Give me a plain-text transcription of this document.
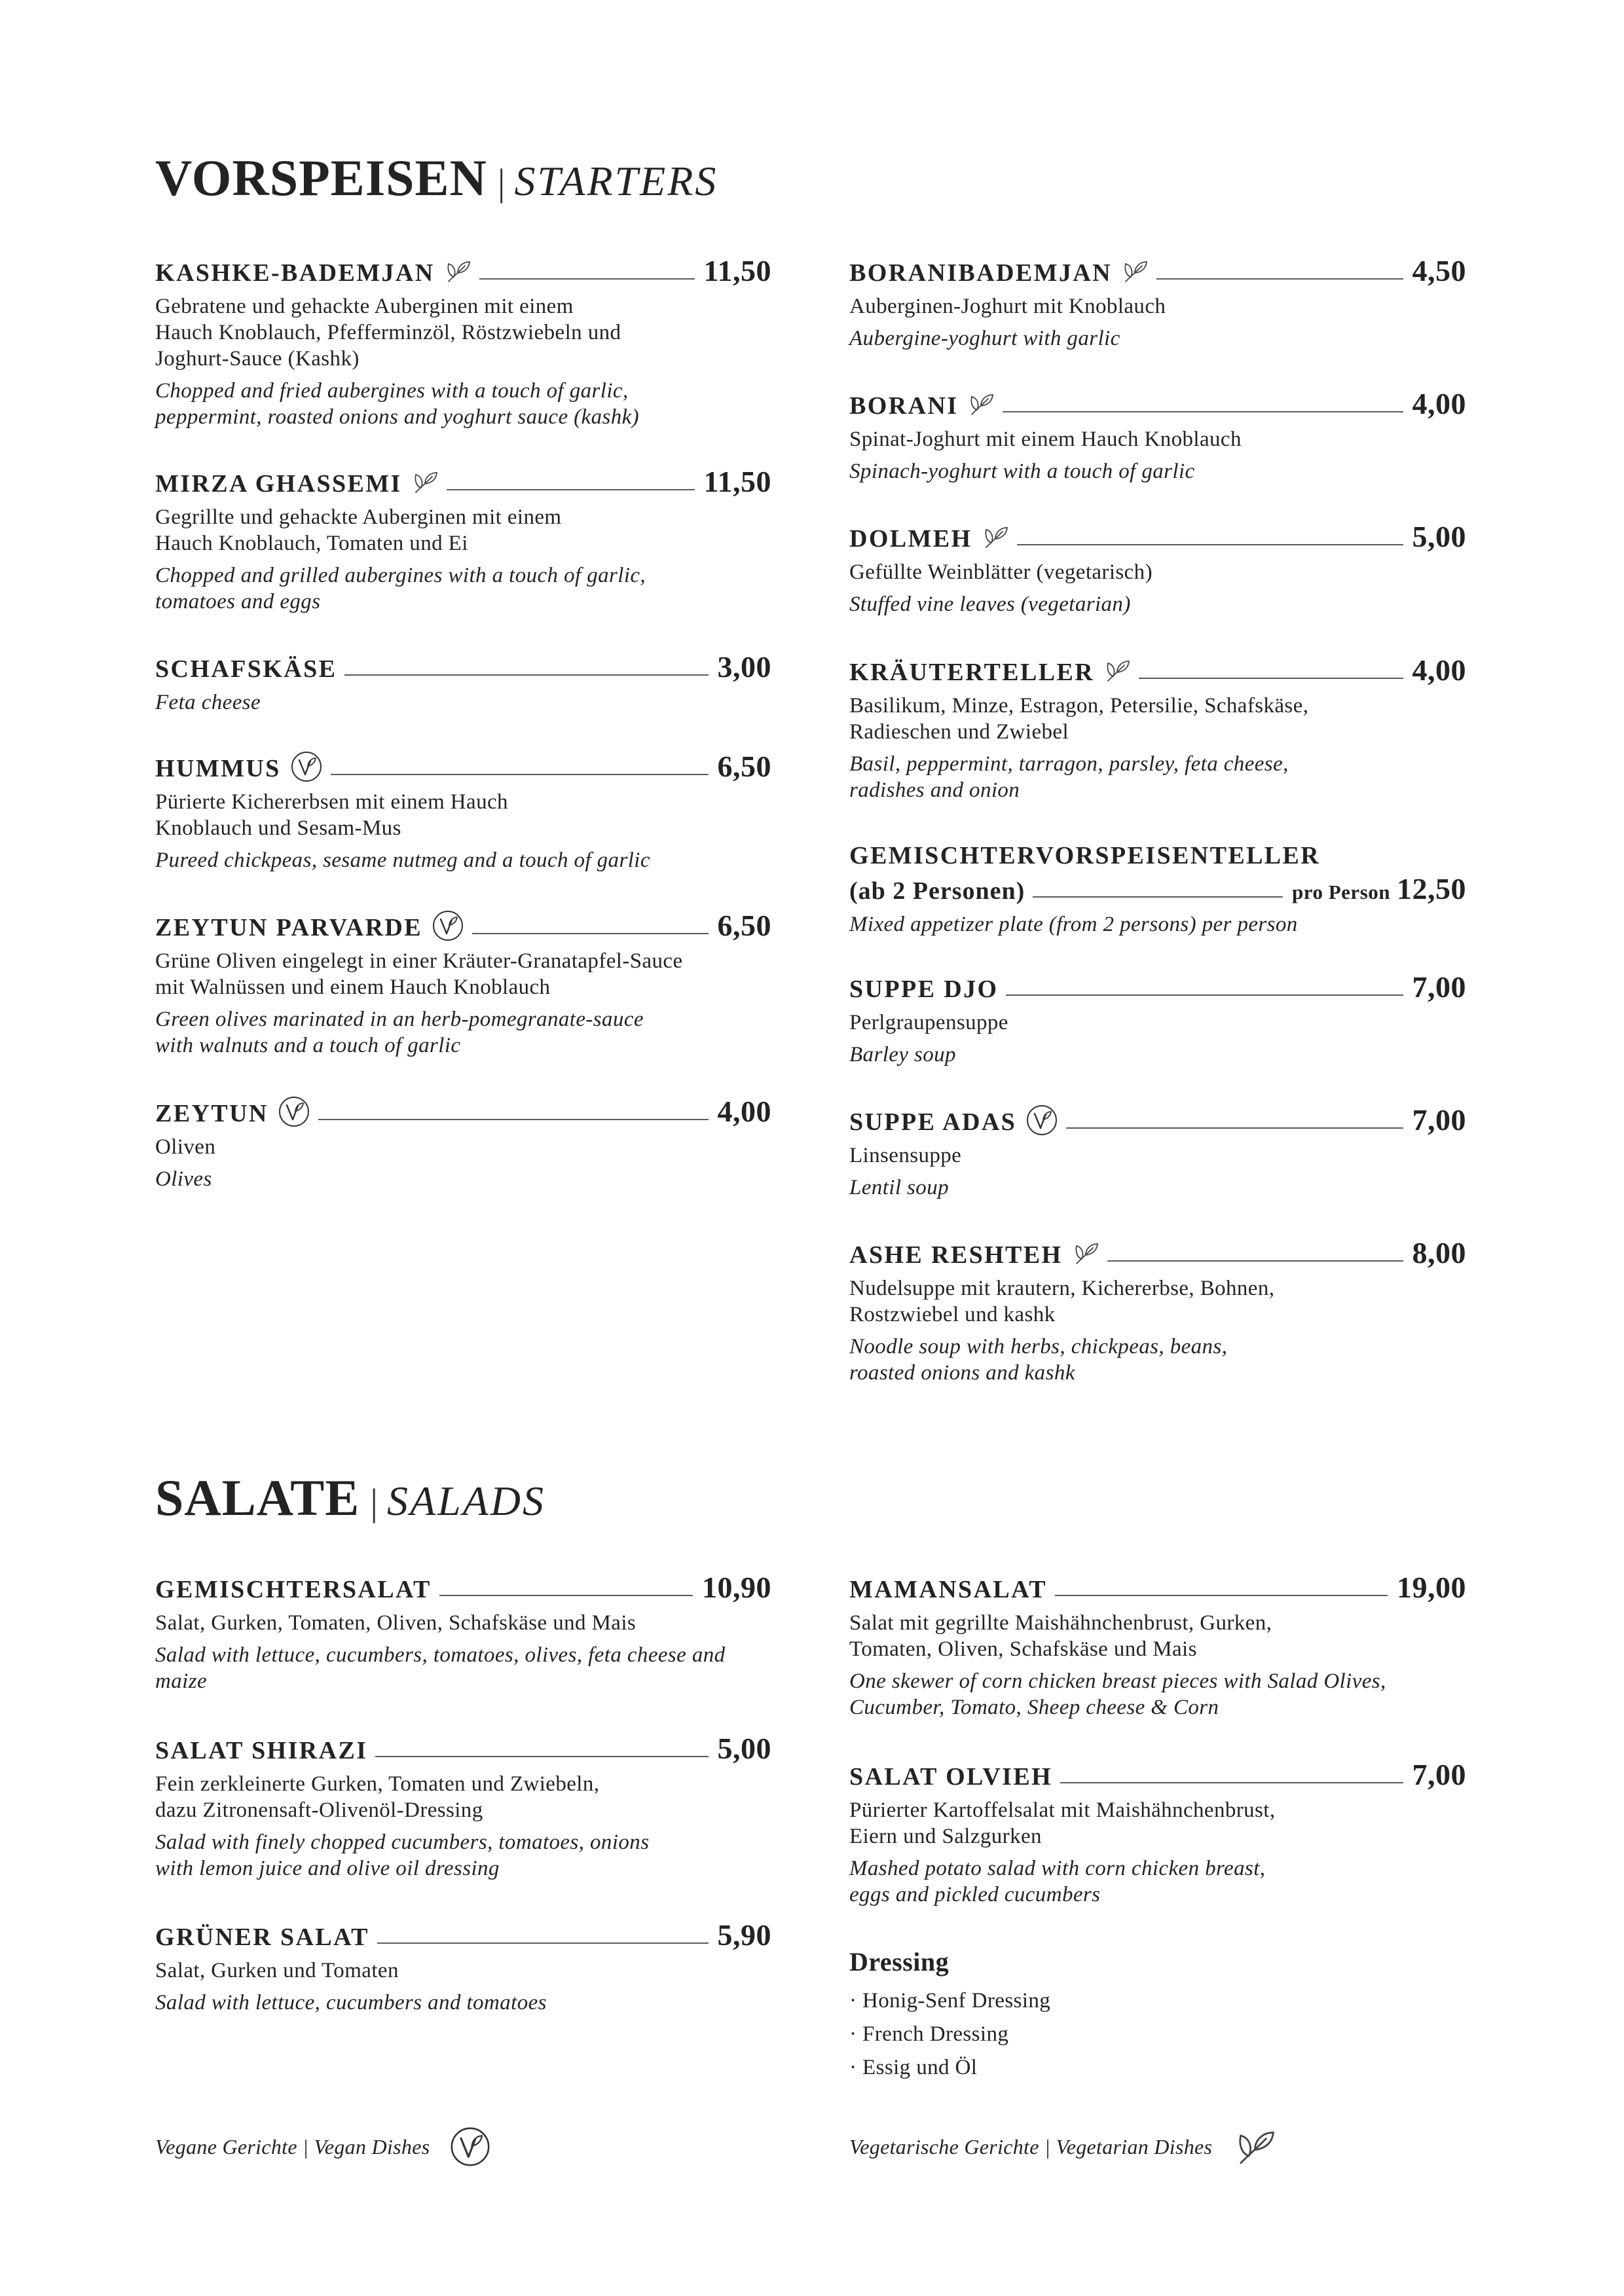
VORSPEISEN | STARTERS
SALATE | SALADS
KASHKE-BADEMJAN	11,50
Gebratene und gehackte Auberginen mit einem
Hauch Knoblauch, Pfefferminzöl, Röstzwiebeln und
Joghurt-Sauce (Kashk)
Chopped and fried aubergines with a touch of garlic,
peppermint, roasted onions and yoghurt sauce (kashk)
MIRZA GHASSEMI	11,50
Gegrillte und gehackte Auberginen mit einem
Hauch Knoblauch, Tomaten und Ei
Chopped and grilled aubergines with a touch of garlic,
tomatoes and eggs
SCHAFSKÄSE	3,00
Feta cheese
HUMMUS	6,50
Pürierte Kichererbsen mit einem Hauch
Knoblauch und Sesam-Mus
Pureed chickpeas, sesame nutmeg and a touch of garlic
ZEYTUN PARVARDE	6,50
Grüne Oliven eingelegt in einer Kräuter-Granatapfel-Sauce
mit Walnüssen und einem Hauch Knoblauch
Green olives marinated in an herb-pomegranate-sauce
with walnuts and a touch of garlic
ZEYTUN	4,00
Oliven
Olives
BORANIBADEMJAN	4,50
Auberginen-Joghurt mit Knoblauch
Aubergine-yoghurt with garlic
BORANI	4,00
Spinat-Joghurt mit einem Hauch Knoblauch
Spinach-yoghurt with a touch of garlic
DOLMEH	5,00
Gefüllte Weinblätter (vegetarisch)
Stuffed vine leaves (vegetarian)
KRÄUTERTELLER	4,00
Basilikum, Minze, Estragon, Petersilie, Schafskäse,
Radieschen und Zwiebel
Basil, peppermint, tarragon, parsley, feta cheese,
radishes and onion
GEMISCHTERVORSPEISENTELLER
(ab 2 Personen)	pro Person 12,50
Mixed appetizer plate (from 2 persons) per person
SUPPE DJO	7,00
Perlgraupensuppe
Barley soup
SUPPE ADAS	7,00
Linsensuppe
Lentil soup
ASHE RESHTEH	8,00
Nudelsuppe mit krautern, Kichererbse, Bohnen,
Rostzwiebel und kashk
Noodle soup with herbs, chickpeas, beans,
roasted onions and kashk
GEMISCHTERSALAT	10,90
Salat, Gurken, Tomaten, Oliven, Schafskäse und Mais
Salad with lettuce, cucumbers, tomatoes, olives, feta cheese and
maize
SALAT SHIRAZI	5,00
Fein zerkleinerte Gurken, Tomaten und Zwiebeln,
dazu Zitronensaft-Olivenöl-Dressing
Salad with finely chopped cucumbers, tomatoes, onions
with lemon juice and olive oil dressing
GRÜNER SALAT	5,90
Salat, Gurken und Tomaten
Salad with lettuce, cucumbers and tomatoes
MAMANSALAT	19,00
Salat mit gegrillte Maishähnchenbrust, Gurken,
Tomaten, Oliven, Schafskäse und Mais
One skewer of corn chicken breast pieces with Salad Olives,
Cucumber, Tomato, Sheep cheese & Corn
SALAT OLVIEH	7,00
Pürierter Kartoffelsalat mit Maishähnchenbrust,
Eiern und Salzgurken
Mashed potato salad with corn chicken breast,
eggs and pickled cucumbers
Dressing
· Honig-Senf Dressing
· French Dressing
· Essig und Öl
Vegane Gerichte | Vegan Dishes	Vegetarische Gerichte | Vegetarian Dishes
